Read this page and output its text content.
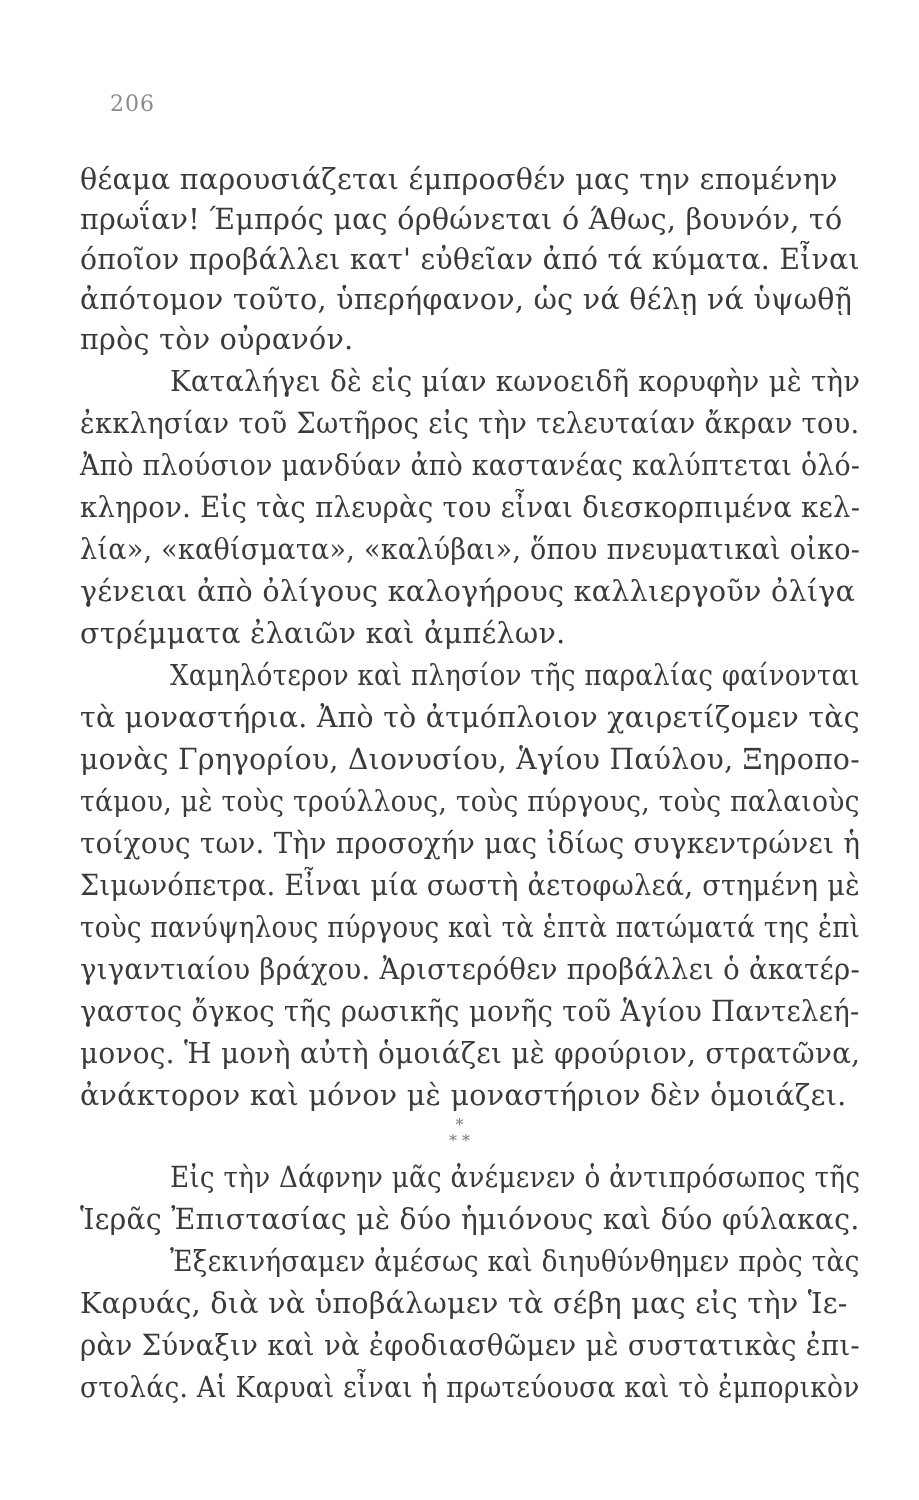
206
θέαμα παρουσιάζεται έμπροσθέν μας την επομένην
πρωΐαν! Έμπρός μας όρθώνεται ό Άθως, βουνόν, τό
όποῖον προβάλλει κατ' εὐθεῖαν ἀπό τά κύματα. Εἶναι
ἀπότομον τοῦτο, ὑπερήφανον, ὡς νά θέλῃ νά ὑψωθῇ
πρὸς τὸν οὐρανόν.
Καταλήγει δὲ εἰς μίαν κωνοειδῆ κορυφὴν μὲ τὴν
ἐκκλησίαν τοῦ Σωτῆρος εἰς τὴν τελευταίαν ἄκραν του.
Ἀπὸ πλούσιον μανδύαν ἀπὸ καστανέας καλύπτεται ὁλό-
κληρον. Εἰς τὰς πλευρὰς του εἶναι διεσκορπιμένα κελ-
λία», «καθίσματα», «καλύβαι», ὅπου πνευματικαὶ οἰκο-
γένειαι ἀπὸ ὀλίγους καλογήρους καλλιεργοῦν ὀλίγα
στρέμματα ἐλαιῶν καὶ ἀμπέλων.
Χαμηλότερον καὶ πλησίον τῆς παραλίας φαίνονται
τὰ μοναστήρια. Ἀπὸ τὸ ἀτμόπλοιον χαιρετίζομεν τὰς
μονὰς Γρηγορίου, Διονυσίου, Ἁγίου Παύλου, Ξηροπο-
τάμου, μὲ τοὺς τρούλλους, τοὺς πύργους, τοὺς παλαιοὺς
τοίχους των. Τὴν προσοχήν μας ἰδίως συγκεντρώνει ἡ
Σιμωνόπετρα. Εἶναι μία σωστὴ ἀετοφωλεά, στημένη μὲ
τοὺς πανύψηλους πύργους καὶ τὰ ἑπτὰ πατώματά της ἐπὶ
γιγαντιαίου βράχου. Ἀριστερόθεν προβάλλει ὁ ἀκατέρ-
γαστος ὄγκος τῆς ρωσικῆς μονῆς τοῦ Ἁγίου Παντελεή-
μονος. Ἡ μονὴ αὐτὴ ὁμοιάζει μὲ φρούριον, στρατῶνα,
ἀνάκτορον καὶ μόνον μὲ μοναστήριον δὲν ὁμοιάζει.
*
* *
Εἰς τὴν Δάφνην μᾶς ἀνέμενεν ὁ ἀντιπρόσωπος τῆς
Ἱερᾶς Ἐπιστασίας μὲ δύο ἡμιόνους καὶ δύο φύλακας.
Ἐξεκινήσαμεν ἀμέσως καὶ διηυθύνθημεν πρὸς τὰς
Καρυάς, διὰ νὰ ὑποβάλωμεν τὰ σέβη μας εἰς τὴν Ἱε-
ρὰν Σύναξιν καὶ νὰ ἐφοδιασθῶμεν μὲ συστατικὰς ἐπι-
στολάς. Αἱ Καρυαὶ εἶναι ἡ πρωτεύουσα καὶ τὸ ἐμπορικὸν
